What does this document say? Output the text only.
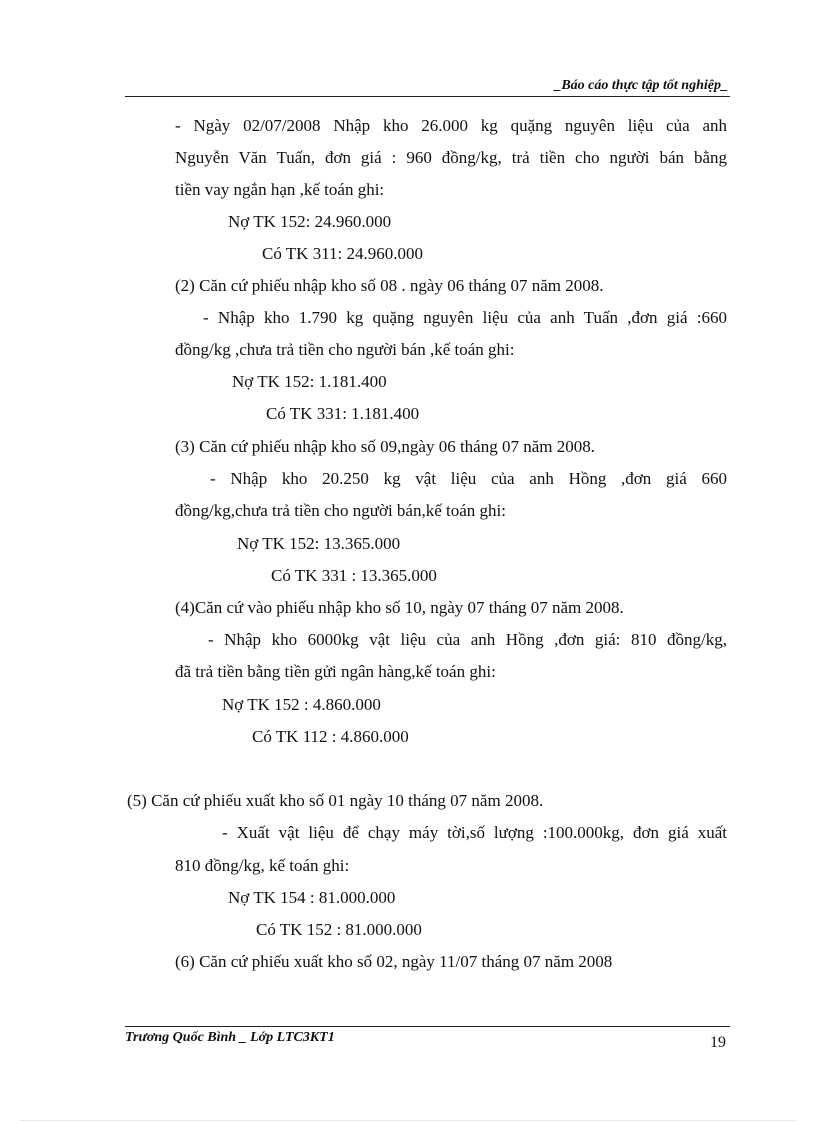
_Báo cáo thực tập tốt nghiệp_
- Ngày 02/07/2008 Nhập kho 26.000 kg quặng nguyên liệu của anh
Nguyễn Văn Tuấn, đơn giá : 960 đồng/kg, trả tiền cho người bán bằng
tiền vay ngắn hạn ,kế toán ghi:
Nợ TK 152: 24.960.000
Có TK 311: 24.960.000
(2) Căn cứ phiếu nhập kho số 08 . ngày 06 tháng 07 năm 2008.
- Nhập kho 1.790 kg quặng nguyên liệu của anh Tuấn ,đơn giá :660
đồng/kg ,chưa trả tiền cho người bán ,kế toán ghi:
Nợ TK 152: 1.181.400
Có TK 331: 1.181.400
(3) Căn cứ phiếu nhập kho số 09,ngày 06 tháng 07 năm 2008.
- Nhập kho 20.250 kg vật liệu của anh Hồng ,đơn giá 660
đồng/kg,chưa trả tiền cho người bán,kế toán ghi:
Nợ TK 152: 13.365.000
Có TK 331 : 13.365.000
(4)Căn cứ vào phiếu nhập kho số 10, ngày 07 tháng 07 năm 2008.
- Nhập kho 6000kg vật liệu của anh Hồng ,đơn giá: 810 đồng/kg,
đã trả tiền bằng tiền gửi ngân hàng,kế toán ghi:
Nợ TK 152 : 4.860.000
Có TK 112 : 4.860.000
(5) Căn cứ phiếu xuất kho số 01 ngày 10 tháng 07 năm 2008.
- Xuất vật liệu để chạy máy tời,số lượng :100.000kg, đơn giá xuất
810 đồng/kg, kế toán ghi:
Nợ TK 154 : 81.000.000
Có TK 152 : 81.000.000
(6) Căn cứ phiếu xuất kho số 02, ngày 11/07 tháng 07 năm 2008
Trương Quốc Bình _ Lớp LTC3KT1	19
